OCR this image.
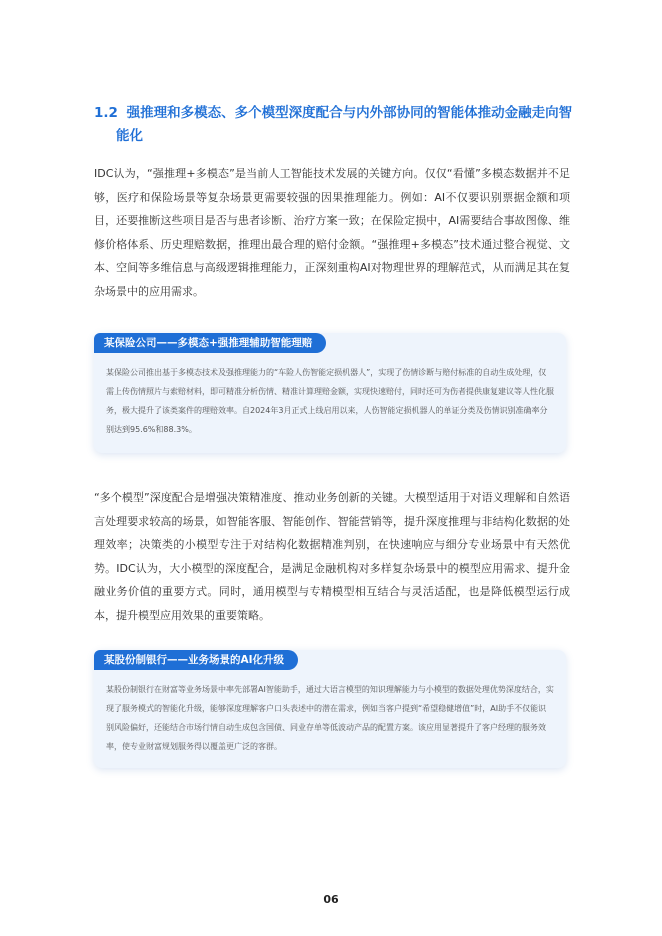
1.2 强推理和多模态、多个模型深度配合与内外部协同的智能体推动金融走向智
能化

IDC认为，“强推理+多模态”是当前人工智能技术发展的关键方向。仅仅“看懂”多模态数据并不足够，医疗和保险场景等复杂场景更需要较强的因果推理能力。例如：AI不仅要识别票据金额和项目，还要推断这些项目是否与患者诊断、治疗方案一致；在保险定损中，AI需要结合事故图像、维修价格体系、历史理赔数据，推理出最合理的赔付金额。“强推理+多模态”技术通过整合视觉、文本、空间等多维信息与高级逻辑推理能力，正深刻重构AI对物理世界的理解范式，从而满足其在复杂场景中的应用需求。

某保险公司——多模态+强推理辅助智能理赔

某保险公司推出基于多模态技术及强推理能力的“车险人伤智能定损机器人”，实现了伤情诊断与赔付标准的自动生成处理，仅需上传伤情照片与索赔材料，即可精准分析伤情、精准计算理赔金额，实现快速赔付，同时还可为伤者提供康复建议等人性化服务，极大提升了该类案件的理赔效率。自2024年3月正式上线启用以来，人伤智能定损机器人的单证分类及伤情识别准确率分别达到95.6%和88.3%。

“多个模型”深度配合是增强决策精准度、推动业务创新的关键。大模型适用于对语义理解和自然语言处理要求较高的场景，如智能客服、智能创作、智能营销等，提升深度推理与非结构化数据的处理效率；决策类的小模型专注于对结构化数据精准判别，在快速响应与细分专业场景中有天然优势。IDC认为，大小模型的深度配合，是满足金融机构对多样复杂场景中的模型应用需求、提升金融业务价值的重要方式。同时，通用模型与专精模型相互结合与灵活适配，也是降低模型运行成本，提升模型应用效果的重要策略。

某股份制银行——业务场景的AI化升级

某股份制银行在财富等业务场景中率先部署AI智能助手，通过大语言模型的知识理解能力与小模型的数据处理优势深度结合，实现了服务模式的智能化升级，能够深度理解客户口头表述中的潜在需求，例如当客户提到“希望稳健增值”时，AI助手不仅能识别风险偏好，还能结合市场行情自动生成包含国债、同业存单等低波动产品的配置方案。该应用显著提升了客户经理的服务效率，使专业财富规划服务得以覆盖更广泛的客群。

06
